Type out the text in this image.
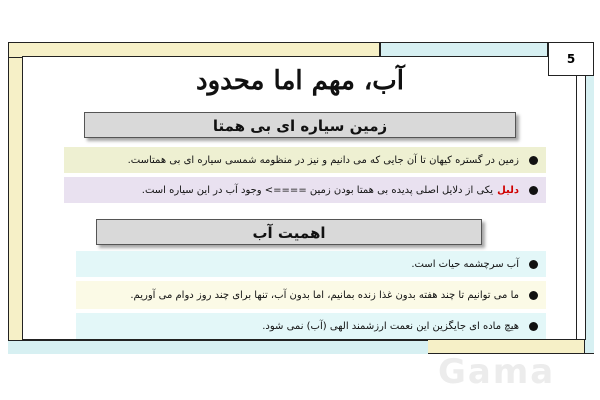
5
آب، مهم اما محدود
زمین سیاره ای بی همتا
زمین در گستره کیهان تا آن جایی که می دانیم و نیز در منظومه شمسی سیاره ای بی همتاست.
دلیل
یکی از دلایل اصلی پدیده بی همتا بودن زمین ====> وجود آب در این سیاره است.
اهمیت آب
آب سرچشمه حیات است.
ما می توانیم تا چند هفته بدون غذا زنده بمانیم، اما بدون آب، تنها برای چند روز دوام می آوریم.
هیچ ماده ای جایگزین این نعمت ارزشمند الهی (آب) نمی شود.
Gama
